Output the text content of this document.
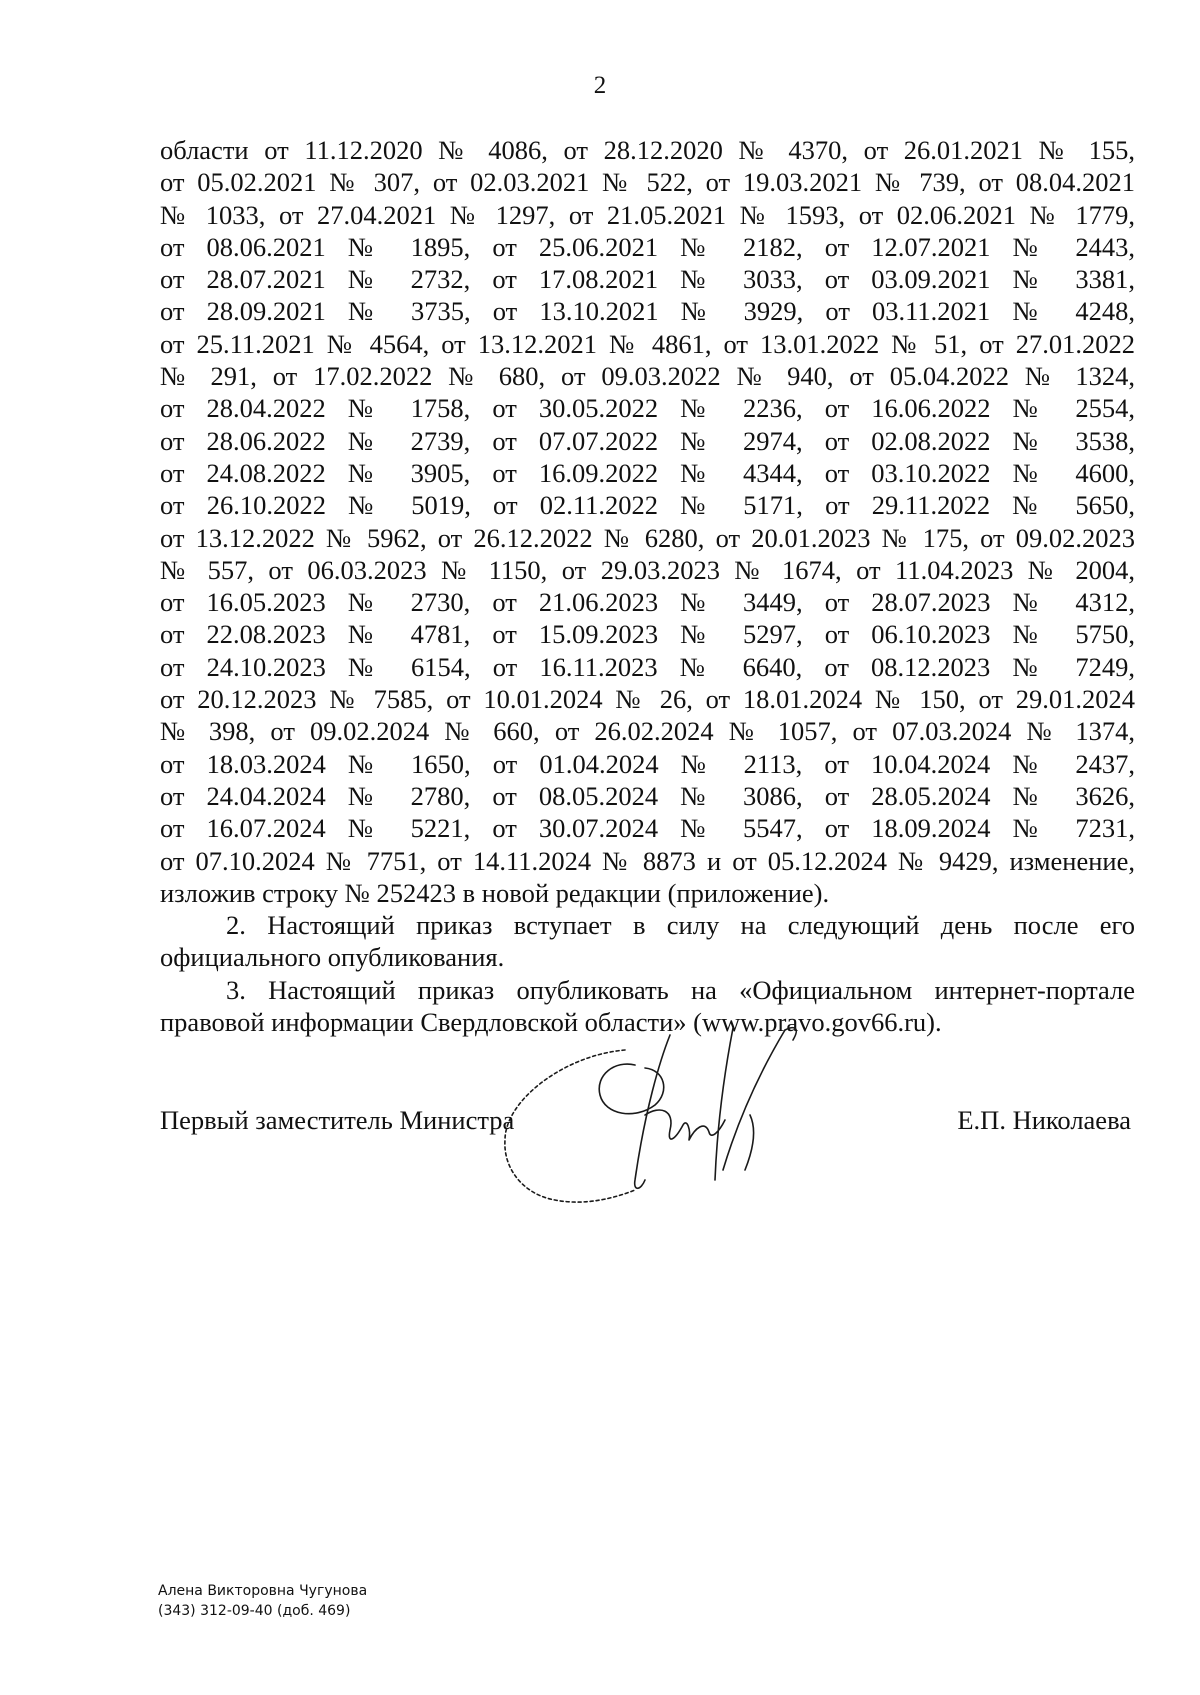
2
области от 11.12.2020 № 4086, от 28.12.2020 № 4370, от 26.01.2021 № 155,
от 05.02.2021 № 307, от 02.03.2021 № 522, от 19.03.2021 № 739, от 08.04.2021
№ 1033, от 27.04.2021 № 1297, от 21.05.2021 № 1593, от 02.06.2021 № 1779,
от 08.06.2021 № 1895, от 25.06.2021 № 2182, от 12.07.2021 № 2443,
от 28.07.2021 № 2732, от 17.08.2021 № 3033, от 03.09.2021 № 3381,
от 28.09.2021 № 3735, от 13.10.2021 № 3929, от 03.11.2021 № 4248,
от 25.11.2021 № 4564, от 13.12.2021 № 4861, от 13.01.2022 № 51, от 27.01.2022
№ 291, от 17.02.2022 № 680, от 09.03.2022 № 940, от 05.04.2022 № 1324,
от 28.04.2022 № 1758, от 30.05.2022 № 2236, от 16.06.2022 № 2554,
от 28.06.2022 № 2739, от 07.07.2022 № 2974, от 02.08.2022 № 3538,
от 24.08.2022 № 3905, от 16.09.2022 № 4344, от 03.10.2022 № 4600,
от 26.10.2022 № 5019, от 02.11.2022 № 5171, от 29.11.2022 № 5650,
от 13.12.2022 № 5962, от 26.12.2022 № 6280, от 20.01.2023 № 175, от 09.02.2023
№ 557, от 06.03.2023 № 1150, от 29.03.2023 № 1674, от 11.04.2023 № 2004,
от 16.05.2023 № 2730, от 21.06.2023 № 3449, от 28.07.2023 № 4312,
от 22.08.2023 № 4781, от 15.09.2023 № 5297, от 06.10.2023 № 5750,
от 24.10.2023 № 6154, от 16.11.2023 № 6640, от 08.12.2023 № 7249,
от 20.12.2023 № 7585, от 10.01.2024 № 26, от 18.01.2024 № 150, от 29.01.2024
№ 398, от 09.02.2024 № 660, от 26.02.2024 № 1057, от 07.03.2024 № 1374,
от 18.03.2024 № 1650, от 01.04.2024 № 2113, от 10.04.2024 № 2437,
от 24.04.2024 № 2780, от 08.05.2024 № 3086, от 28.05.2024 № 3626,
от 16.07.2024 № 5221, от 30.07.2024 № 5547, от 18.09.2024 № 7231,
от 07.10.2024 № 7751, от 14.11.2024 № 8873 и от 05.12.2024 № 9429, изменение,
изложив строку № 252423 в новой редакции (приложение).
2. Настоящий приказ вступает в силу на следующий день после его
официального опубликования.
3. Настоящий приказ опубликовать на «Официальном интернет-портале
правовой информации Свердловской области» (www.pravo.gov66.ru).
Первый заместитель Министра	Е.П. Николаева
Алена Викторовна Чугунова
(343) 312-09-40 (доб. 469)
